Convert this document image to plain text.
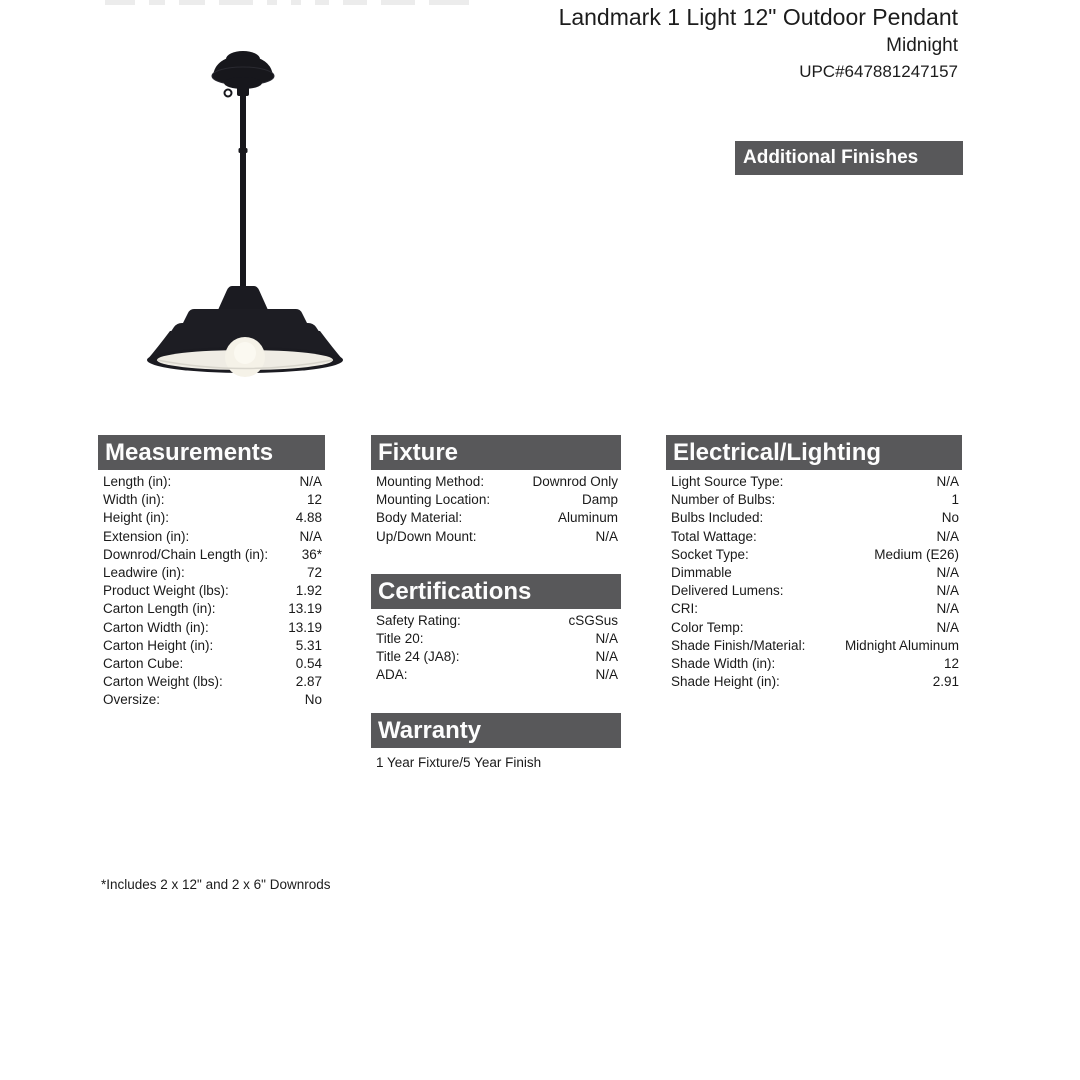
Landmark 1 Light 12" Outdoor Pendant
Midnight
UPC#647881247157
Additional Finishes
Measurements
Length (in):	N/A
Width (in):	12
Height (in):	4.88
Extension (in):	N/A
Downrod/Chain Length (in): 36*
Leadwire (in):	72
Product Weight (lbs):	1.92
Carton Length (in):	13.19
Carton Width (in):	13.19
Carton Height (in):	5.31
Carton Cube:	0.54
Carton Weight (lbs):	2.87
Oversize:	No
Fixture
Mounting Method:	Downrod Only
Mounting Location:	Damp
Body Material:	Aluminum
Up/Down Mount:	N/A
Certifications
Safety Rating:	cSGSus
Title 20:	N/A
Title 24 (JA8):	N/A
ADA:	N/A
Warranty
1 Year Fixture/5 Year Finish
Electrical/Lighting
Light Source Type:	N/A
Number of Bulbs:	1
Bulbs Included:	No
Total Wattage:	N/A
Socket Type:	Medium (E26)
Dimmable	N/A
Delivered Lumens:	N/A
CRI:	N/A
Color Temp:	N/A
Shade Finish/Material:	Midnight Aluminum
Shade Width (in):	12
Shade Height (in):	2.91
*Includes 2 x 12" and 2 x 6" Downrods
